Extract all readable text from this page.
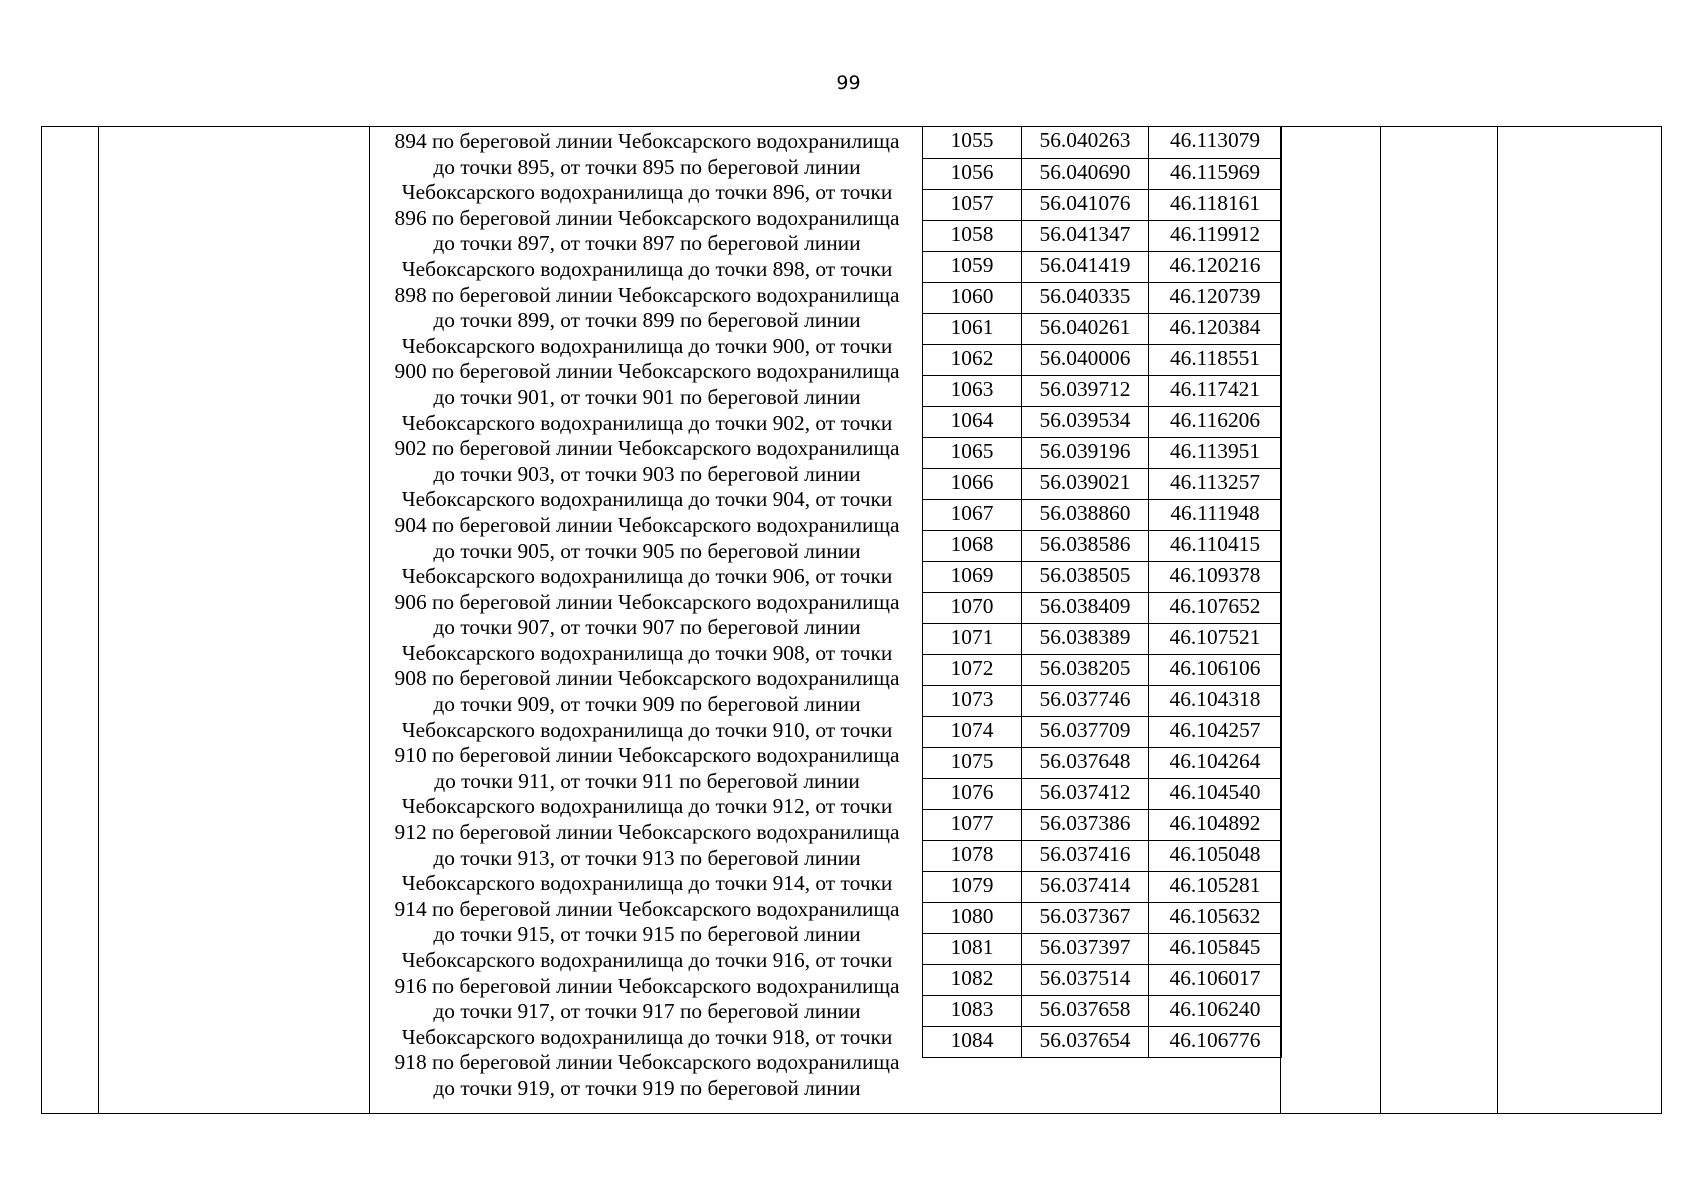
99
894 по береговой линии Чебоксарского водохранилища
до точки 895, от точки 895 по береговой линии
Чебоксарского водохранилища до точки 896, от точки
896 по береговой линии Чебоксарского водохранилища
до точки 897, от точки 897 по береговой линии
Чебоксарского водохранилища до точки 898, от точки
898 по береговой линии Чебоксарского водохранилища
до точки 899, от точки 899 по береговой линии
Чебоксарского водохранилища до точки 900, от точки
900 по береговой линии Чебоксарского водохранилища
до точки 901, от точки 901 по береговой линии
Чебоксарского водохранилища до точки 902, от точки
902 по береговой линии Чебоксарского водохранилища
до точки 903, от точки 903 по береговой линии
Чебоксарского водохранилища до точки 904, от точки
904 по береговой линии Чебоксарского водохранилища
до точки 905, от точки 905 по береговой линии
Чебоксарского водохранилища до точки 906, от точки
906 по береговой линии Чебоксарского водохранилища
до точки 907, от точки 907 по береговой линии
Чебоксарского водохранилища до точки 908, от точки
908 по береговой линии Чебоксарского водохранилища
до точки 909, от точки 909 по береговой линии
Чебоксарского водохранилища до точки 910, от точки
910 по береговой линии Чебоксарского водохранилища
до точки 911, от точки 911 по береговой линии
Чебоксарского водохранилища до точки 912, от точки
912 по береговой линии Чебоксарского водохранилища
до точки 913, от точки 913 по береговой линии
Чебоксарского водохранилища до точки 914, от точки
914 по береговой линии Чебоксарского водохранилища
до точки 915, от точки 915 по береговой линии
Чебоксарского водохранилища до точки 916, от точки
916 по береговой линии Чебоксарского водохранилища
до точки 917, от точки 917 по береговой линии
Чебоксарского водохранилища до точки 918, от точки
918 по береговой линии Чебоксарского водохранилища
до точки 919, от точки 919 по береговой линии
1055	56.040263	46.113079
1056	56.040690	46.115969
1057	56.041076	46.118161
1058	56.041347	46.119912
1059	56.041419	46.120216
1060	56.040335	46.120739
1061	56.040261	46.120384
1062	56.040006	46.118551
1063	56.039712	46.117421
1064	56.039534	46.116206
1065	56.039196	46.113951
1066	56.039021	46.113257
1067	56.038860	46.111948
1068	56.038586	46.110415
1069	56.038505	46.109378
1070	56.038409	46.107652
1071	56.038389	46.107521
1072	56.038205	46.106106
1073	56.037746	46.104318
1074	56.037709	46.104257
1075	56.037648	46.104264
1076	56.037412	46.104540
1077	56.037386	46.104892
1078	56.037416	46.105048
1079	56.037414	46.105281
1080	56.037367	46.105632
1081	56.037397	46.105845
1082	56.037514	46.106017
1083	56.037658	46.106240
1084	56.037654	46.106776
